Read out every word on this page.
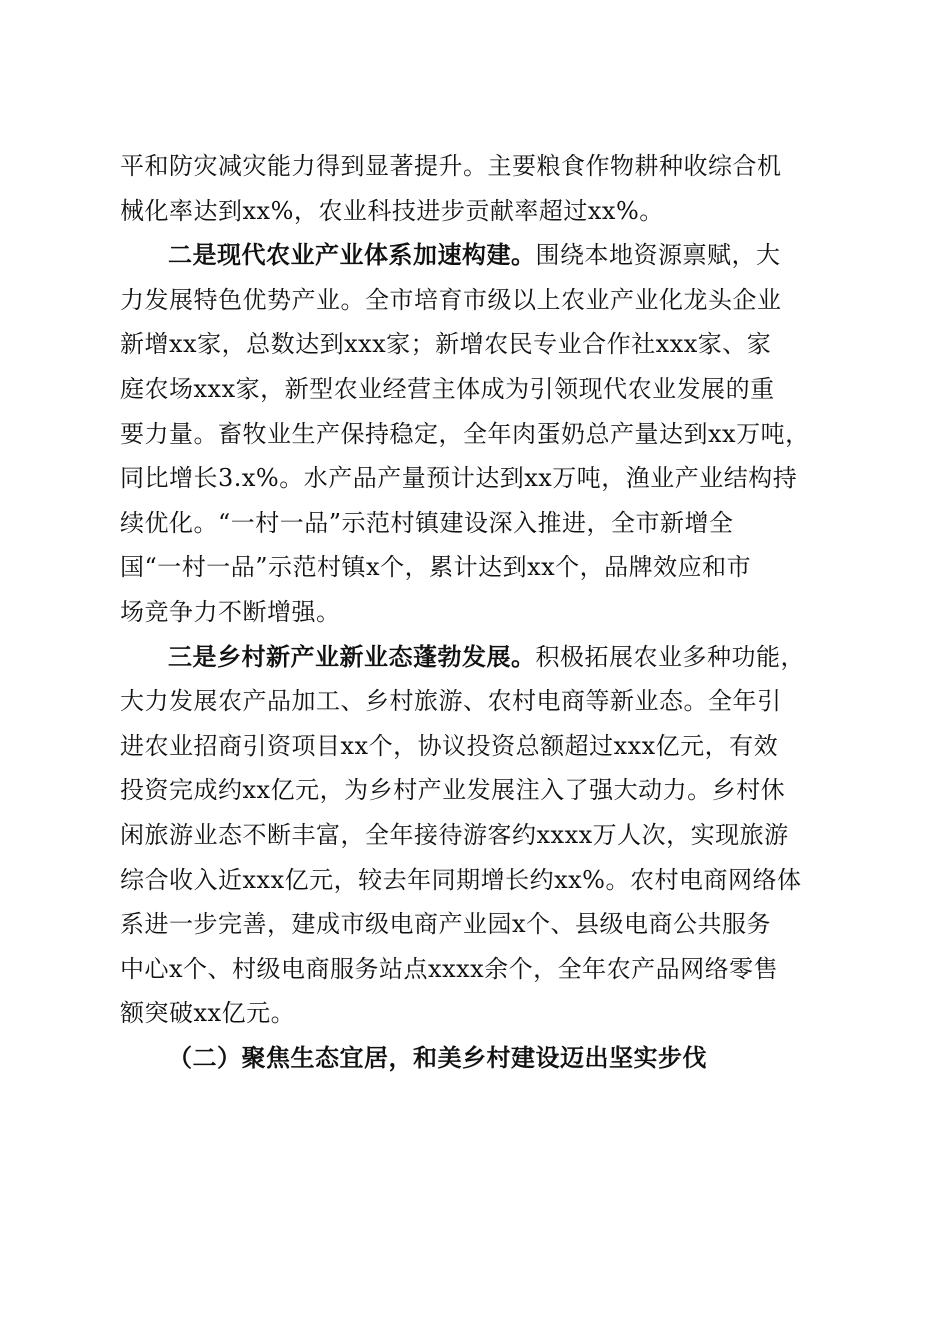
平和防灾减灾能力得到显著提升。主要粮食作物耕种收综合机
械化率达到xx%，农业科技进步贡献率超过xx%。
二是现代农业产业体系加速构建。围绕本地资源禀赋，大
力发展特色优势产业。全市培育市级以上农业产业化龙头企业
新增xx家，总数达到xxx家；新增农民专业合作社xxx家、家
庭农场xxx家，新型农业经营主体成为引领现代农业发展的重
要力量。畜牧业生产保持稳定，全年肉蛋奶总产量达到xx万吨，
同比增长3.x%。水产品产量预计达到xx万吨，渔业产业结构持
续优化。“一村一品”示范村镇建设深入推进，全市新增全
国“一村一品”示范村镇x个，累计达到xx个，品牌效应和市
场竞争力不断增强。
三是乡村新产业新业态蓬勃发展。积极拓展农业多种功能，
大力发展农产品加工、乡村旅游、农村电商等新业态。全年引
进农业招商引资项目xx个，协议投资总额超过xxx亿元，有效
投资完成约xx亿元，为乡村产业发展注入了强大动力。乡村休
闲旅游业态不断丰富，全年接待游客约xxxx万人次，实现旅游
综合收入近xxx亿元，较去年同期增长约xx%。农村电商网络体
系进一步完善，建成市级电商产业园x个、县级电商公共服务
中心x个、村级电商服务站点xxxx余个，全年农产品网络零售
额突破xx亿元。
（二）聚焦生态宜居，和美乡村建设迈出坚实步伐
